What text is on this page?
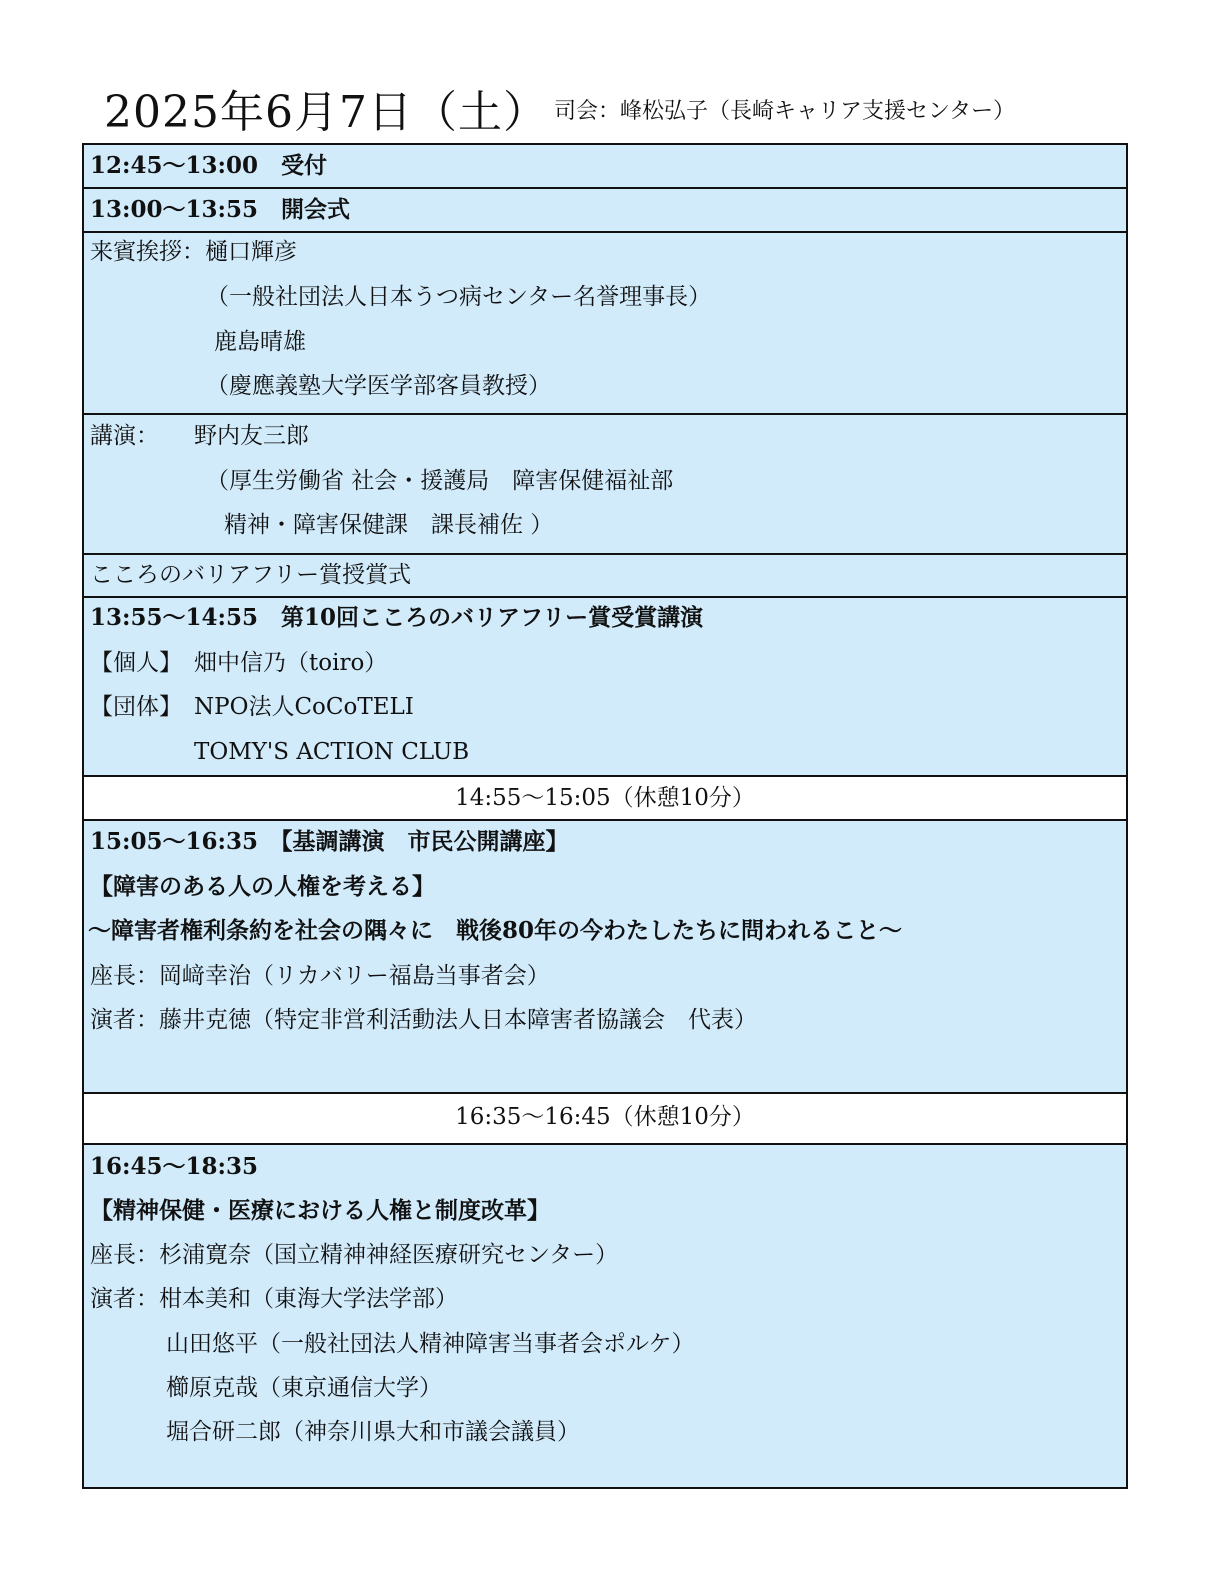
2025年6月7日（土） 司会：峰松弘子（長崎キャリア支援センター）
12:45〜13:00　受付
13:00〜13:55　開会式
来賓挨拶：樋口輝彦
（一般社団法人日本うつ病センター名誉理事長）
鹿島晴雄
（慶應義塾大学医学部客員教授）
講演： 野内友三郎
（厚生労働省 社会・援護局　障害保健福祉部
精神・障害保健課　課長補佐 ）
こころのバリアフリー賞授賞式
13:55〜14:55　第10回こころのバリアフリー賞受賞講演
【個人】 畑中信乃（toiro）
【団体】 NPO法人CoCoTELI
TOMY'S ACTION CLUB
14:55〜15:05（休憩10分）
15:05〜16:35　【基調講演　市民公開講座】
【障害のある人の人権を考える】
〜障害者権利条約を社会の隅々に　戦後80年の今わたしたちに問われること〜
座長：岡﨑幸治（リカバリー福島当事者会）
演者：藤井克徳（特定非営利活動法人日本障害者協議会　代表）
16:35〜16:45（休憩10分）
16:45〜18:35
【精神保健・医療における人権と制度改革】
座長：杉浦寛奈（国立精神神経医療研究センター）
演者：柑本美和（東海大学法学部）
山田悠平（一般社団法人精神障害当事者会ポルケ）
櫛原克哉（東京通信大学）
堀合研二郎（神奈川県大和市議会議員）
